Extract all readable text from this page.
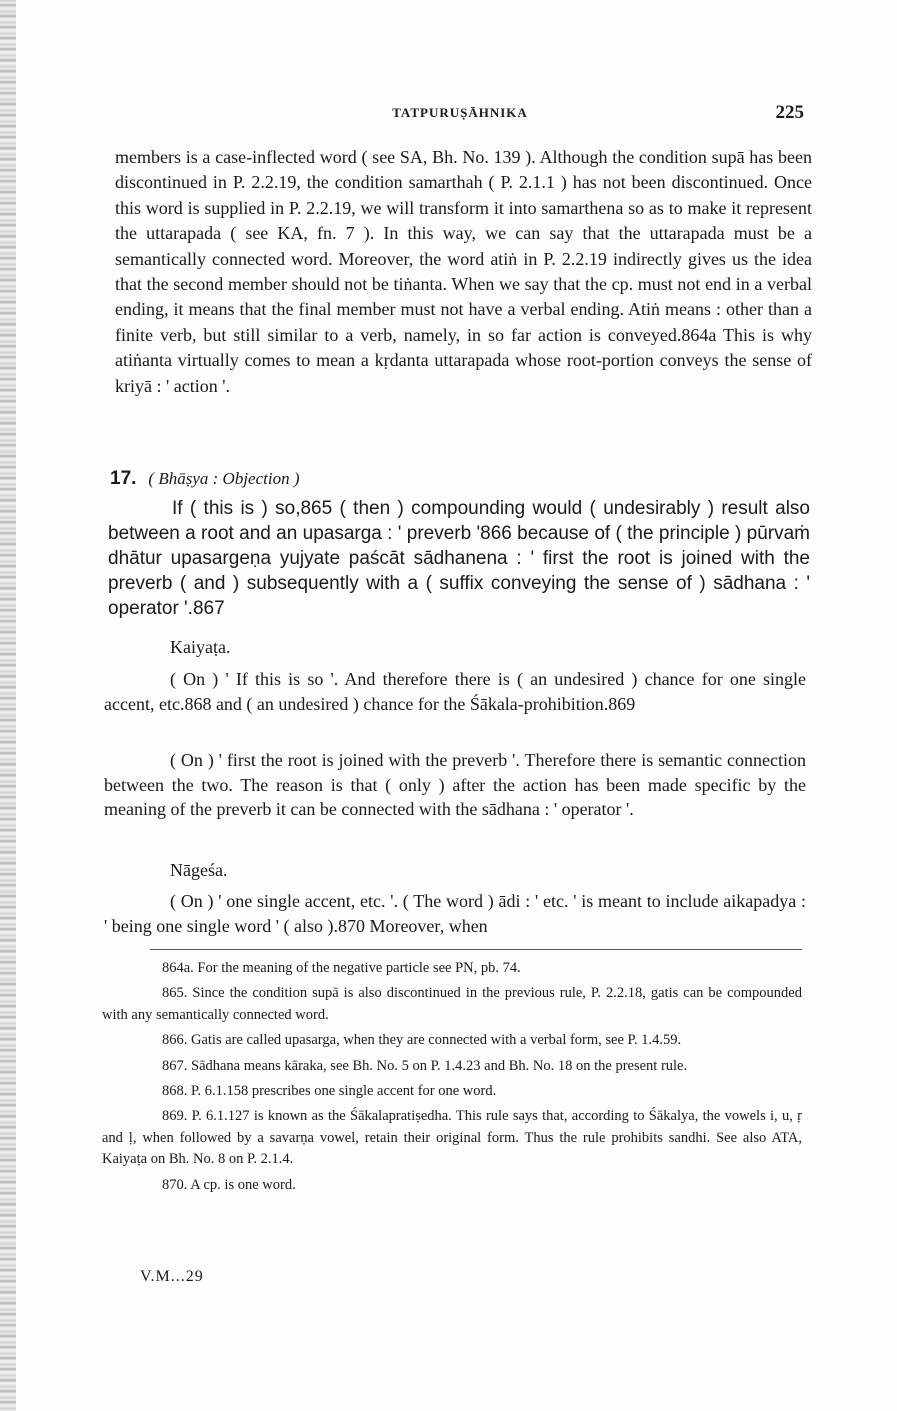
TATPURUṢĀHNIKA	225
members is a case-inflected word ( see SA, Bh. No. 139 ). Although the condition supā has been discontinued in P. 2.2.19, the condition samarthah ( P. 2.1.1 ) has not been discontinued. Once this word is supplied in P. 2.2.19, we will transform it into samarthena so as to make it represent the uttarapada ( see KA, fn. 7 ). In this way, we can say that the uttarapada must be a semantically connected word. Moreover, the word atiṅ in P. 2.2.19 indirectly gives us the idea that the second member should not be tiṅanta. When we say that the cp. must not end in a verbal ending, it means that the final member must not have a verbal ending. Atiṅ means : other than a finite verb, but still similar to a verb, namely, in so far action is conveyed.864a This is why atiṅanta virtually comes to mean a kṛdanta uttarapada whose root-portion conveys the sense of kriyā : ' action '.
17. ( Bhāṣya : Objection )
If ( this is ) so,865 ( then ) compounding would ( undesirably ) result also between a root and an upasarga : ' preverb '866 because of ( the principle ) pūrvaṁ dhātur upasargeṇa yujyate paścāt sādhanena : ' first the root is joined with the preverb ( and ) subsequently with a ( suffix conveying the sense of ) sādhana : ' operator '.867
Kaiyaṭa.
( On ) ' If this is so '. And therefore there is ( an undesired ) chance for one single accent, etc.868 and ( an undesired ) chance for the Śākala-prohibition.869
( On ) ' first the root is joined with the preverb '. Therefore there is semantic connection between the two. The reason is that ( only ) after the action has been made specific by the meaning of the preverb it can be connected with the sādhana : ' operator '.
Nāgeśa.
( On ) ' one single accent, etc. '. ( The word ) ādi : ' etc. ' is meant to include aikapadya : ' being one single word ' ( also ).870 Moreover, when

864a. For the meaning of the negative particle see PN, pb. 74.

865. Since the condition supā is also discontinued in the previous rule, P. 2.2.18, gatis can be compounded with any semantically connected word.

866. Gatis are called upasarga, when they are connected with a verbal form, see P. 1.4.59.

867. Sādhana means kāraka, see Bh. No. 5 on P. 1.4.23 and Bh. No. 18 on the present rule.

868. P. 6.1.158 prescribes one single accent for one word.

869. P. 6.1.127 is known as the Śākalapratiṣedha. This rule says that, according to Śākalya, the vowels i, u, ṛ and ḷ, when followed by a savarṇa vowel, retain their original form. Thus the rule prohibits sandhi. See also ATA, Kaiyaṭa on Bh. No. 8 on P. 2.1.4.

870. A cp. is one word.

V.M...29
